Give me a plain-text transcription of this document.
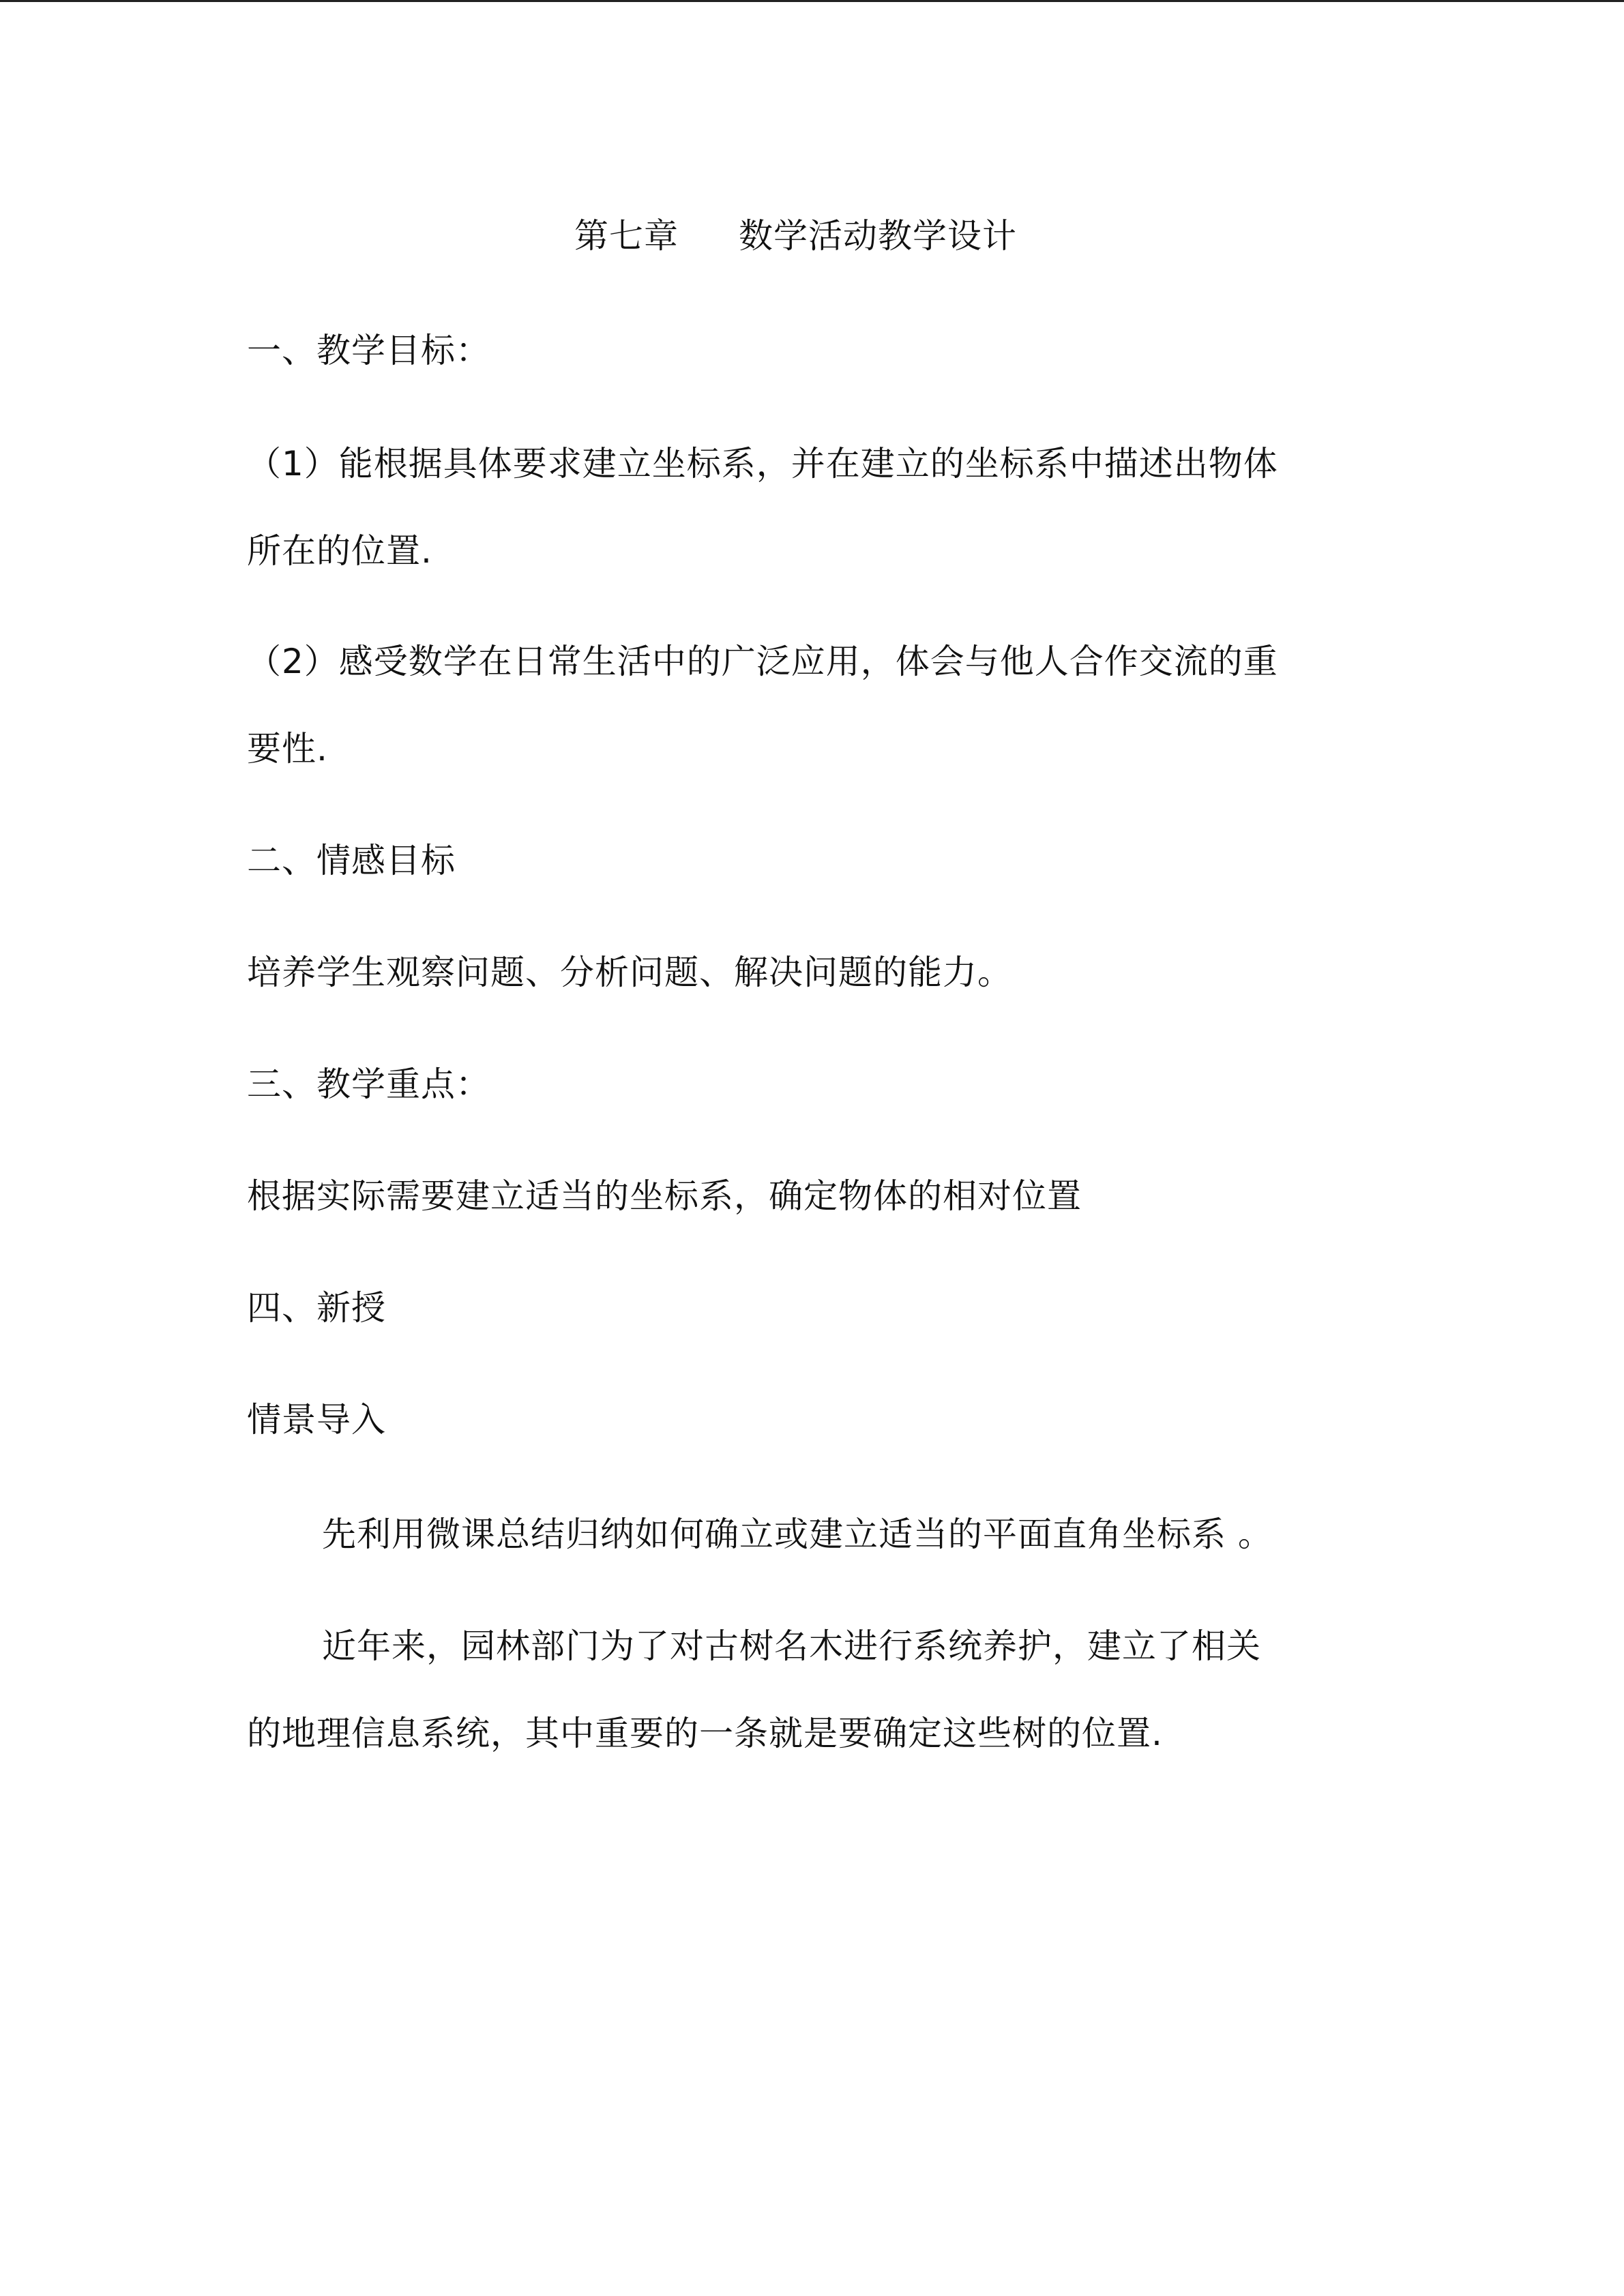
第七章 数学活动教学设计

一、教学目标：

（1）能根据具体要求建立坐标系，并在建立的坐标系中描述出物体

所在的位置.

（2）感受数学在日常生活中的广泛应用，体会与他人合作交流的重

要性.

二、情感目标

培养学生观察问题、分析问题、解决问题的能力。

三、教学重点：

根据实际需要建立适当的坐标系，确定物体的相对位置

四、新授

情景导入

先利用微课总结归纳如何确立或建立适当的平面直角坐标系 。

近年来，园林部门为了对古树名木进行系统养护，建立了相关

的地理信息系统，其中重要的一条就是要确定这些树的位置.
